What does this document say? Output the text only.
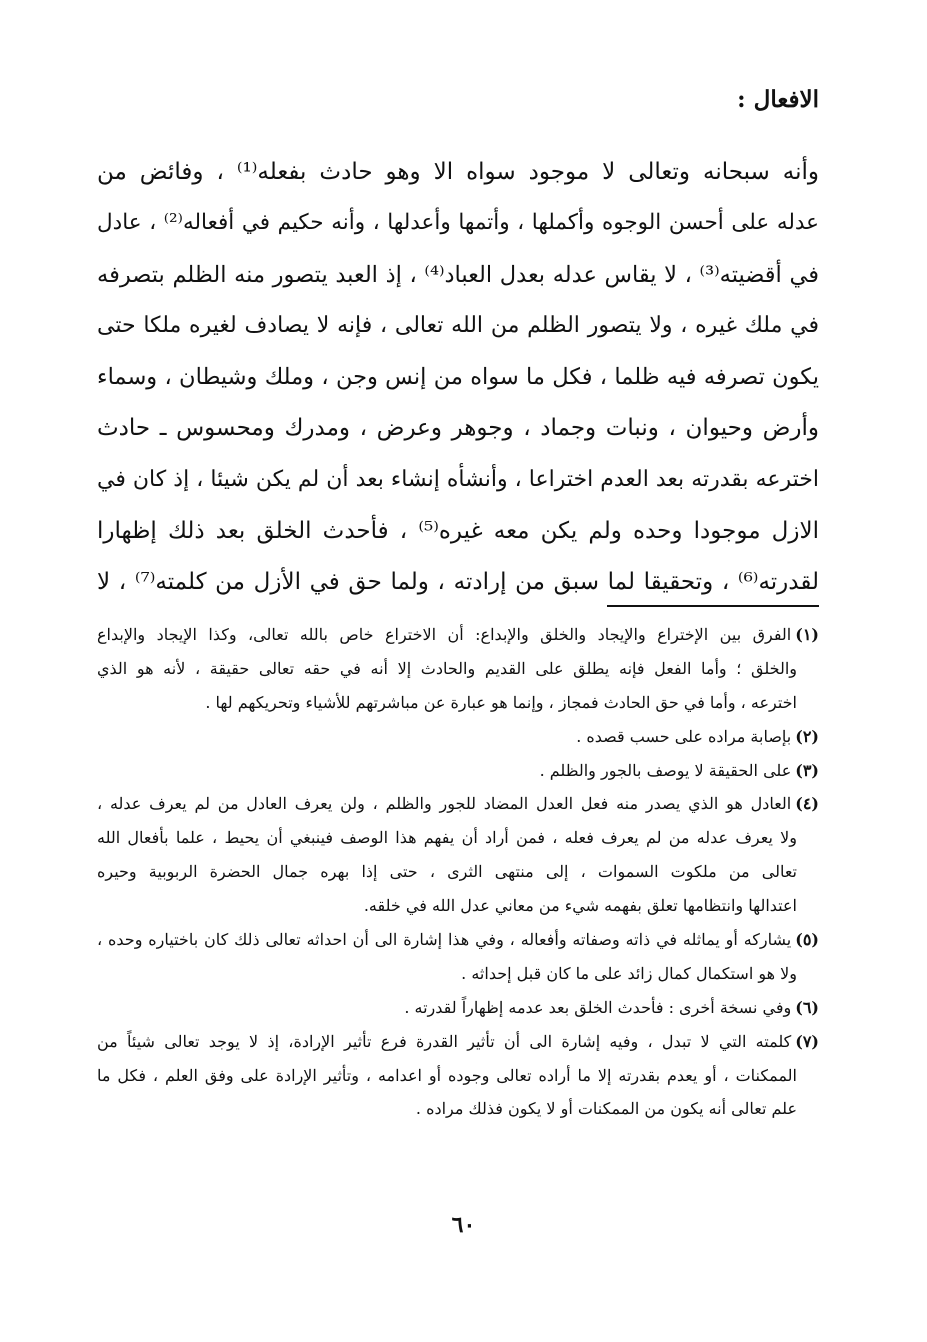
الافعال :
وأنه سبحانه وتعالى لا موجود سواه الا وهو حادث بفعله⁽¹⁾ ، وفائض من
عدله على أحسن الوجوه وأكملها ، وأتمها وأعدلها ، وأنه حكيم في أفعاله⁽²⁾ ، عادل
في أقضيته⁽³⁾ ، لا يقاس عدله بعدل العباد⁽⁴⁾ ، إذ العبد يتصور منه الظلم بتصرفه
في ملك غيره ، ولا يتصور الظلم من الله تعالى ، فإنه لا يصادف لغيره ملكا حتى
يكون تصرفه فيه ظلما ، فكل ما سواه من إنس وجن ، وملك وشيطان ، وسماء
وأرض وحيوان ، ونبات وجماد ، وجوهر وعرض ، ومدرك ومحسوس ـ حادث
اخترعه بقدرته بعد العدم اختراعا ، وأنشأه إنشاء بعد أن لم يكن شيئا ، إذ كان في
الازل موجودا وحده ولم يكن معه غيره⁽⁵⁾ ، فأحدث الخلق بعد ذلك إظهارا
لقدرته⁽⁶⁾ ، وتحقيقا لما سبق من إرادته ، ولما حق في الأزل من كلمته⁽⁷⁾ ، لا
(١)الفرق بين الإختراع والإيجاد والخلق والإبداع: أن الاختراع خاص بالله تعالى، وكذا الإيجاد والإبداع
والخلق ؛ وأما الفعل فإنه يطلق على القديم والحادث إلا أنه في حقه تعالى حقيقة ، لأنه هو الذي
اخترعه ، وأما في حق الحادث فمجاز ، وإنما هو عبارة عن مباشرتهم للأشياء وتحريكهم لها .
(٢)بإصابة مراده على حسب قصده .
(٣)على الحقيقة لا يوصف بالجور والظلم .
(٤)العادل هو الذي يصدر منه فعل العدل المضاد للجور والظلم ، ولن يعرف العادل من لم يعرف عدله ،
ولا يعرف عدله من لم يعرف فعله ، فمن أراد أن يفهم هذا الوصف فينبغي أن يحيط ، علما بأفعال الله
تعالى من ملكوت السموات ، إلى منتهى الثرى ، حتى إذا بهره جمال الحضرة الربوبية وحيره
اعتدالها وانتظامها تعلق بفهمه شيء من معاني عدل الله في خلقه.
(٥)يشاركه أو يماثله في ذاته وصفاته وأفعاله ، وفي هذا إشارة الى أن احداثه تعالى ذلك كان باختياره وحده ،
ولا هو استكمال كمال زائد على ما كان قبل إحداثه .
(٦)وفي نسخة أخرى : فأحدث الخلق بعد عدمه إظهاراً لقدرته .
(٧)كلمته التي لا تبدل ، وفيه إشارة الى أن تأثير القدرة فرع تأثير الإرادة، إذ لا يوجد تعالى شيئاً من
الممكنات ، أو يعدم بقدرته إلا ما أراده تعالى وجوده أو اعدامه ، وتأثير الإرادة على وفق العلم ، فكل ما
علم تعالى أنه يكون من الممكنات أو لا يكون فذلك مراده .
٦٠
